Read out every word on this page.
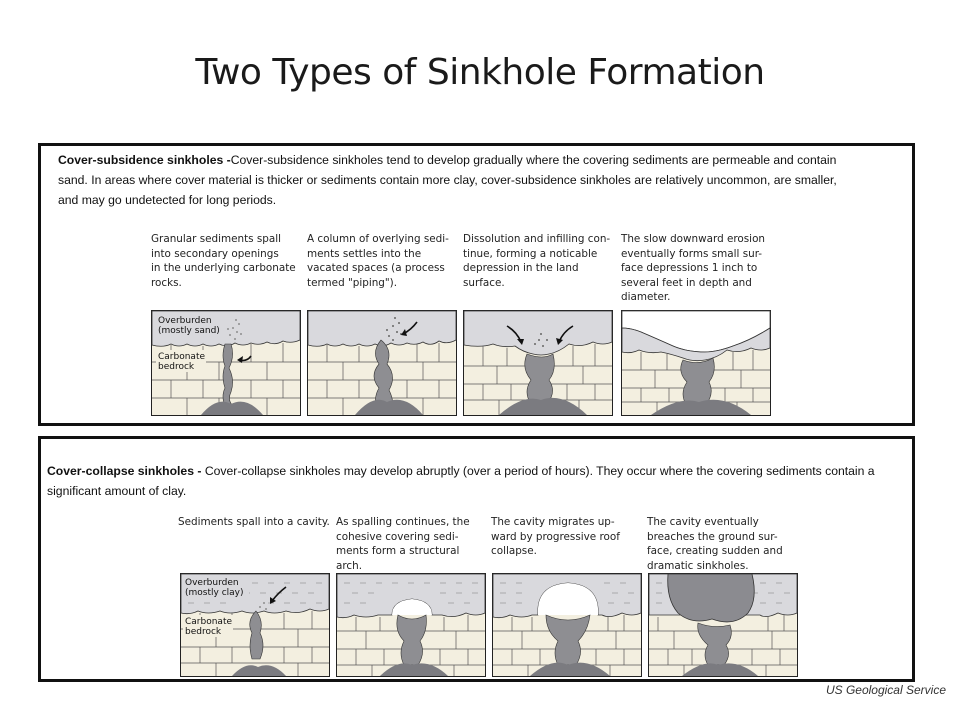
Two Types of Sinkhole Formation
Cover-subsidence sinkholes -Cover-subsidence sinkholes tend to develop gradually where the covering sediments are permeable and contain sand. In areas where cover material is thicker or sediments contain more clay, cover-subsidence sinkholes are relatively uncommon, are smaller, and may go undetected for long periods.
Granular sediments spall
into secondary openings
in the underlying carbonate
rocks.
A column of overlying sedi-
ments settles into the
vacated spaces (a process
termed "piping").
Dissolution and infilling con-
tinue, forming a noticable
depression in the land
surface.
The slow downward erosion
eventually forms small sur-
face depressions 1 inch to
several feet in depth and
diameter.
Overburden
(mostly sand)
Carbonate
bedrock
Cover-collapse sinkholes - Cover-collapse sinkholes may develop abruptly (over a period of hours). They occur where the covering sediments contain a significant amount of clay.
Sediments spall into a cavity. As spalling continues, the
cohesive covering sedi-
ments form a structural
arch.
The cavity migrates up-
ward by progressive roof
collapse.
The cavity eventually
breaches the ground sur-
face, creating sudden and
dramatic sinkholes.
Overburden
(mostly clay)
Carbonate
bedrock
US Geological Service
